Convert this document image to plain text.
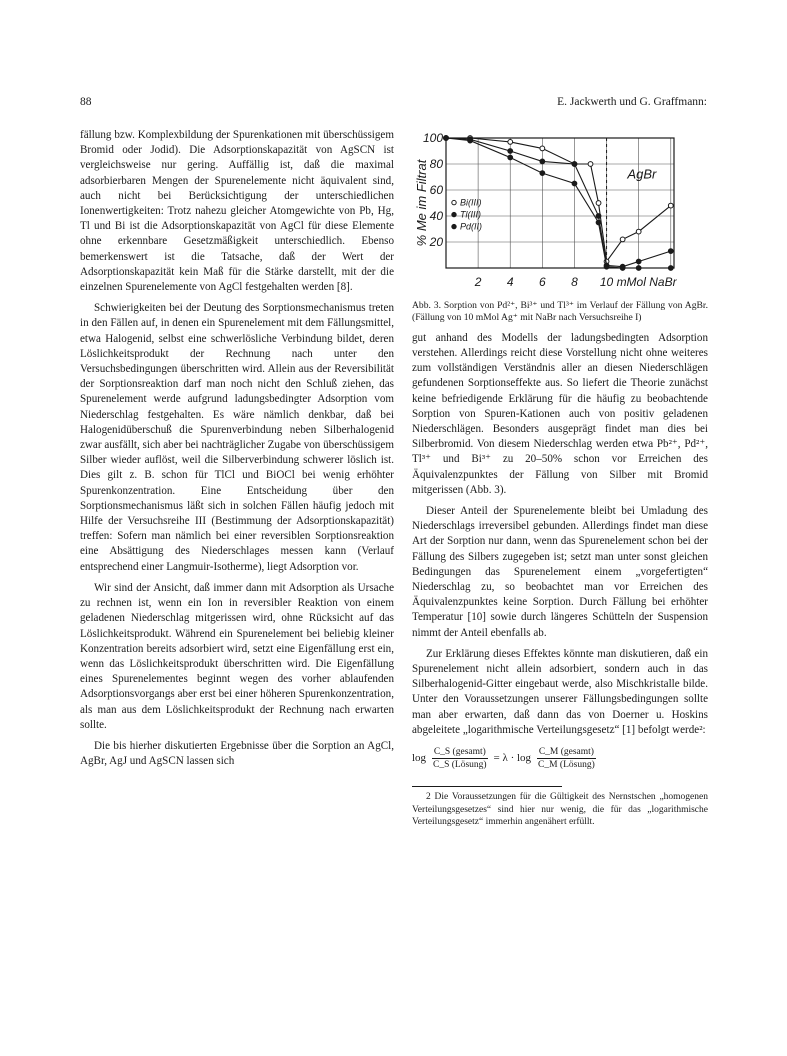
88	E. Jackwerth und G. Graffmann:

fällung bzw. Komplexbildung der Spurenkationen mit überschüssigem Bromid oder Jodid). Die Adsorptionskapazität von AgSCN ist vergleichsweise nur gering. Auffällig ist, daß die maximal adsorbierbaren Mengen der Spurenelemente nicht äquivalent sind, auch nicht bei Berücksichtigung der unterschiedlichen Ionenwertigkeiten: Trotz nahezu gleicher Atomgewichte von Pb, Hg, Tl und Bi ist die Adsorptionskapazität von AgCl für diese Elemente ohne erkennbare Gesetzmäßigkeit unterschiedlich. Ebenso bemerkenswert ist die Tatsache, daß der Wert der Adsorptionskapazität kein Maß für die Stärke darstellt, mit der die einzelnen Spurenelemente von AgCl festgehalten werden [8].

Schwierigkeiten bei der Deutung des Sorptionsmechanismus treten in den Fällen auf, in denen ein Spurenelement mit dem Fällungsmittel, etwa Halogenid, selbst eine schwerlösliche Verbindung bildet, deren Löslichkeitsprodukt der Rechnung nach unter den Versuchsbedingungen überschritten wird. Allein aus der Reversibilität der Sorptionsreaktion darf man noch nicht den Schluß ziehen, das Spurenelement werde aufgrund ladungsbedingter Adsorption vom Niederschlag festgehalten. Es wäre nämlich denkbar, daß bei Halogenidüberschuß die Spurenverbindung neben Silberhalogenid zwar ausfällt, sich aber bei nachträglicher Zugabe von überschüssigem Silber wieder auflöst, weil die Silberverbindung schwerer löslich ist. Dies gilt z. B. schon für TlCl und BiOCl bei wenig erhöhter Spurenkonzentration. Eine Entscheidung über den Sorptionsmechanismus läßt sich in solchen Fällen häufig jedoch mit Hilfe der Versuchsreihe III (Bestimmung der Adsorptionskapazität) treffen: Sofern man nämlich bei einer reversiblen Sorptionsreaktion eine Absättigung des Niederschlages messen kann (Verlauf entsprechend einer Langmuir-Isotherme), liegt Adsorption vor.

Wir sind der Ansicht, daß immer dann mit Adsorption als Ursache zu rechnen ist, wenn ein Ion in reversibler Reaktion von einem geladenen Niederschlag mitgerissen wird, ohne Rücksicht auf das Löslichkeitsprodukt. Während ein Spurenelement bei beliebig kleiner Konzentration bereits adsorbiert wird, setzt eine Eigenfällung erst ein, wenn das Löslichkeitsprodukt überschritten wird. Die Eigenfällung eines Spurenelementes beginnt wegen des vorher ablaufenden Adsorptionsvorgangs aber erst bei einer höheren Spurenkonzentration, als man aus dem Löslichkeitsprodukt der Rechnung nach erwarten sollte.

Die bis hierher diskutierten Ergebnisse über die Sorption an AgCl, AgBr, AgJ und AgSCN lassen sich

100
80
60
40
20
2 4 6 8 10 mMol NaBr
% Me im Filtrat	AgBr
Bi(III)
Tl(III)
Pd(II)

Abb. 3. Sorption von Pd²⁺, Bi³⁺ und Tl³⁺ im Verlauf der Fällung von AgBr. (Fällung von 10 mMol Ag⁺ mit NaBr nach Versuchsreihe I)

gut anhand des Modells der ladungsbedingten Adsorption verstehen. Allerdings reicht diese Vorstellung nicht ohne weiteres zum vollständigen Verständnis aller an diesen Niederschlägen gefundenen Sorptionseffekte aus. So liefert die Theorie zunächst keine befriedigende Erklärung für die häufig zu beobachtende Sorption von Spuren-Kationen auch von positiv geladenen Niederschlägen. Besonders ausgeprägt findet man dies bei Silberbromid. Von diesem Niederschlag werden etwa Pb²⁺, Pd²⁺, Tl³⁺ und Bi³⁺ zu 20–50% schon vor Erreichen des Äquivalenzpunktes der Fällung von Silber mit Bromid mitgerissen (Abb. 3).

Dieser Anteil der Spurenelemente bleibt bei Umladung des Niederschlags irreversibel gebunden. Allerdings findet man diese Art der Sorption nur dann, wenn das Spurenelement schon bei der Fällung des Silbers zugegeben ist; setzt man unter sonst gleichen Bedingungen das Spurenelement einem „vorgefertigten“ Niederschlag zu, so beobachtet man vor Erreichen des Äquivalenzpunktes keine Sorption. Durch Fällung bei erhöhter Temperatur [10] sowie durch längeres Schütteln der Suspension nimmt der Anteil ebenfalls ab.

Zur Erklärung dieses Effektes könnte man diskutieren, daß ein Spurenelement nicht allein adsorbiert, sondern auch in das Silberhalogenid-Gitter eingebaut werde, also Mischkristalle bilde. Unter den Voraussetzungen unserer Fällungsbedingungen sollte man aber erwarten, daß dann das von Doerner u. Hoskins abgeleitete „logarithmische Verteilungsgesetz“ [1] befolgt werde²:

$\log \frac{\text{C\_S (gesamt)}}{\text{C\_S (Lösung)}} = \lambda \cdot \log \frac{\text{C\_M (gesamt)}}{\text{C\_M (Lösung)}}$

2 Die Voraussetzungen für die Gültigkeit des Nernstschen „homogenen Verteilungsgesetzes“ sind hier nur wenig, die für das „logarithmische Verteilungsgesetz“ immerhin angenähert erfüllt.
